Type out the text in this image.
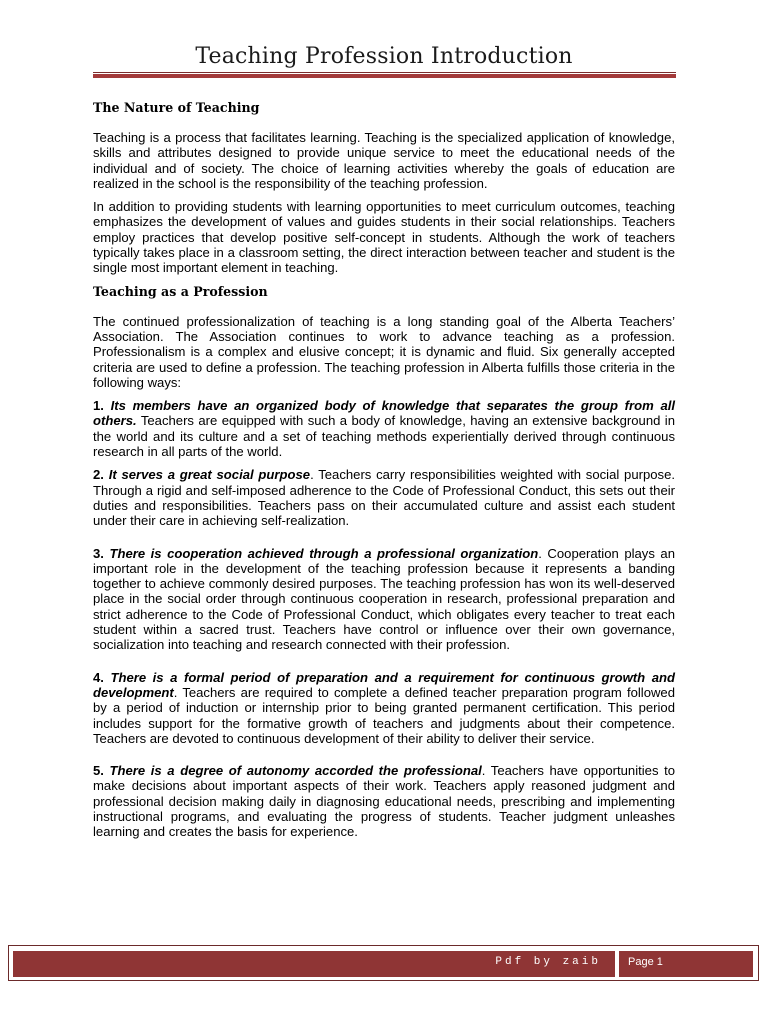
Teaching Profession Introduction
The Nature of Teaching

Teaching is a process that facilitates learning. Teaching is the specialized application of knowledge, skills and attributes designed to provide unique service to meet the educational needs of the individual and of society. The choice of learning activities whereby the goals of education are realized in the school is the responsibility of the teaching profession.

In addition to providing students with learning opportunities to meet curriculum outcomes, teaching emphasizes the development of values and guides students in their social relationships. Teachers employ practices that develop positive self-concept in students. Although the work of teachers typically takes place in a classroom setting, the direct interaction between teacher and student is the single most important element in teaching.

Teaching as a Profession

The continued professionalization of teaching is a long standing goal of the Alberta Teachers’ Association. The Association continues to work to advance teaching as a profession. Professionalism is a complex and elusive concept; it is dynamic and fluid. Six generally accepted criteria are used to define a profession. The teaching profession in Alberta fulfills those criteria in the following ways:

1. Its members have an organized body of knowledge that separates the group from all others. Teachers are equipped with such a body of knowledge, having an extensive background in the world and its culture and a set of teaching methods experientially derived through continuous research in all parts of the world.

2. It serves a great social purpose. Teachers carry responsibilities weighted with social purpose. Through a rigid and self-imposed adherence to the Code of Professional Conduct, this sets out their duties and responsibilities. Teachers pass on their accumulated culture and assist each student under their care in achieving self-realization.

3. There is cooperation achieved through a professional organization. Cooperation plays an important role in the development of the teaching profession because it represents a banding together to achieve commonly desired purposes. The teaching profession has won its well-deserved place in the social order through continuous cooperation in research, professional preparation and strict adherence to the Code of Professional Conduct, which obligates every teacher to treat each student within a sacred trust. Teachers have control or influence over their own governance, socialization into teaching and research connected with their profession.

4. There is a formal period of preparation and a requirement for continuous growth and development. Teachers are required to complete a defined teacher preparation program followed by a period of induction or internship prior to being granted permanent certification. This period includes support for the formative growth of teachers and judgments about their competence. Teachers are devoted to continuous development of their ability to deliver their service.

5. There is a degree of autonomy accorded the professional. Teachers have opportunities to make decisions about important aspects of their work. Teachers apply reasoned judgment and professional decision making daily in diagnosing educational needs, prescribing and implementing instructional programs, and evaluating the progress of students. Teacher judgment unleashes learning and creates the basis for experience.

Pdf by zaib Page 1
